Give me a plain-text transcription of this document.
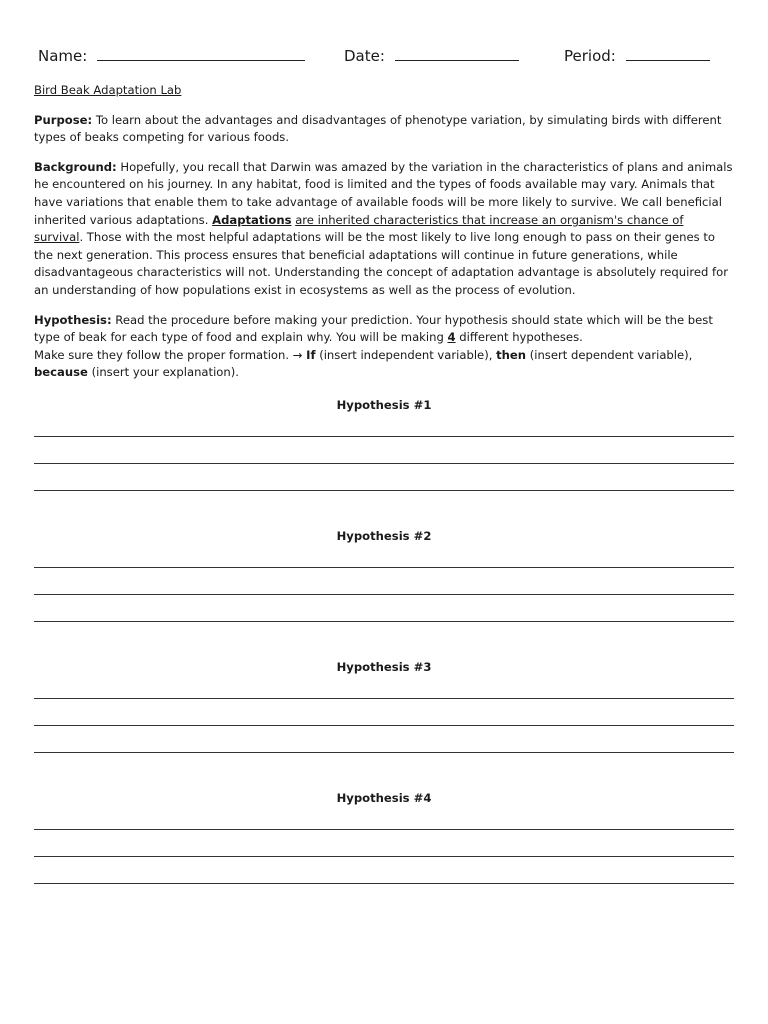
Name:	Date:	Period:
Bird Beak Adaptation Lab

Purpose: To learn about the advantages and disadvantages of phenotype variation, by simulating birds with different types of beaks competing for various foods.

Background: Hopefully, you recall that Darwin was amazed by the variation in the characteristics of plans and animals he encountered on his journey. In any habitat, food is limited and the types of foods available may vary. Animals that have variations that enable them to take advantage of available foods will be more likely to survive. We call beneficial inherited various adaptations. Adaptations are inherited characteristics that increase an organism's chance of survival. Those with the most helpful adaptations will be the most likely to live long enough to pass on their genes to the next generation. This process ensures that beneficial adaptations will continue in future generations, while disadvantageous characteristics will not. Understanding the concept of adaptation advantage is absolutely required for an understanding of how populations exist in ecosystems as well as the process of evolution.

Hypothesis: Read the procedure before making your prediction. Your hypothesis should state which will be the best type of beak for each type of food and explain why. You will be making 4 different hypotheses.
Make sure they follow the proper formation. → If (insert independent variable), then (insert dependent variable),
because (insert your explanation).

Hypothesis #1
Hypothesis #2
Hypothesis #3
Hypothesis #4
